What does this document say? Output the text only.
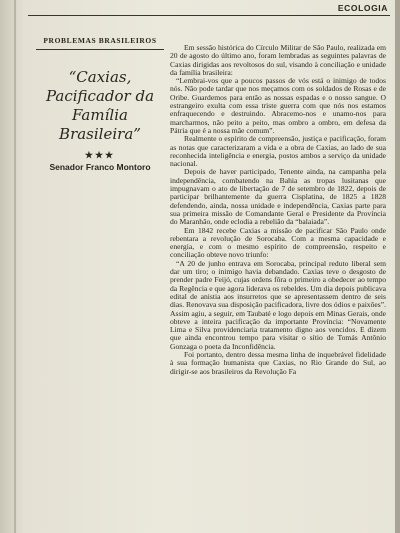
ECOLOGIA
PROBLEMAS BRASILEIROS
“Caxias, Pacificador da Família Brasileira”
★★★
Senador Franco Montoro

Em sessão histórica do Círculo Militar de São Paulo, realizada em 20 de agosto do último ano, foram lembradas as seguintes palavras de Caxias dirigidas aos revoltosos do sul, visando à conciliação e unidade da família brasileira:

“Lembrai-vos que a poucos passos de vós está o inimigo de todos nós. Não pode tardar que nos meçamos com os soldados de Rosas e de Oribe. Guardemos para então as nossas espadas e o nosso sangue. O estrangeiro exulta com essa triste guerra com que nós nos estamos enfraquecendo e destruindo. Abracemo-nos e unamo-nos para marcharmos, não peito a peito, mas ombro a ombro, em defesa da Pátria que é a nossa mãe comum”.

Realmente o espírito de compreensão, justiça e pacificação, foram as notas que caracterizaram a vida e a obra de Caxias, ao lado de sua reconhecida inteligência e energia, postos ambos a serviço da unidade nacional.

Depois de haver participado, Tenente ainda, na campanha pela independência, combatendo na Bahia as tropas lusitanas que impugnavam o ato de libertação de 7 de setembro de 1822, depois de participar brilhantemente da guerra Cisplatina, de 1825 a 1828 defendendo, ainda, nossa unidade e independência, Caxias parte para sua primeira missão de Comandante Geral e Presidente da Província do Maranhão, onde eclodia a rebelião da “balaiada”.

Em 1842 recebe Caxias a missão de pacificar São Paulo onde rebentara a revolução de Sorocaba. Com a mesma capacidade e energia, e com o mesmo espírito de compreensão, respeito e conciliação obteve novo triunfo:

“A 20 de junho entrava em Sorocaba, principal reduto liberal sem dar um tiro; o inimigo havia debandado. Caxias teve o desgosto de prender padre Feijó, cujas ordens fôra o primeiro a obedecer ao tempo da Regência e que agora liderava os rebeldes. Um dia depois publicava edital de anistia aos insurretos que se apresentassem dentro de seis dias. Renovava sua disposição pacificadora, livre dos ódios e paixões”. Assim agiu, a seguir, em Taubaté e logo depois em Minas Gerais, onde obteve a inteira pacificação da importante Província: “Novamente Lima e Silva providenciaria tratamento digno aos vencidos. E dizem que ainda encontrou tempo para visitar o sítio de Tomás Antônio Gonzaga o poeta da Inconfidência.

Foi portanto, dentro dessa mesma linha de inquebrável fidelidade à sua formação humanista que Caxias, no Rio Grande do Sul, ao dirigir-se aos brasileiros da Revolução Fa
